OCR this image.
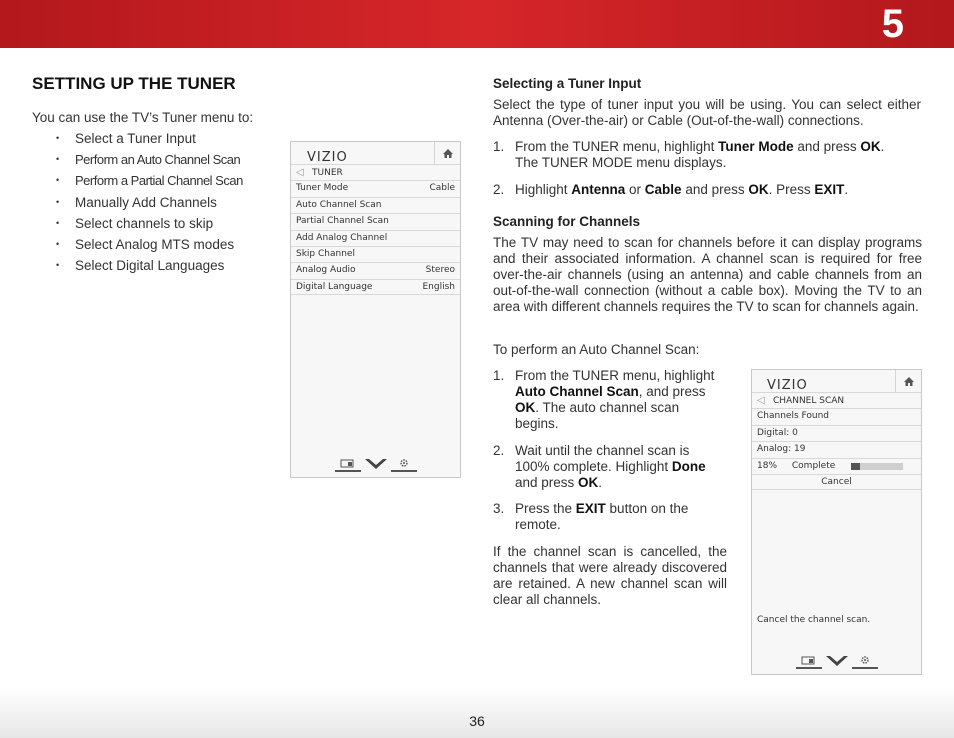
5
SETTING UP THE TUNER
You can use the TV’s Tuner menu to:
• Select a Tuner Input
• Perform an Auto Channel Scan
• Perform a Partial Channel Scan
• Manually Add Channels
• Select channels to skip
• Select Analog MTS modes
• Select Digital Languages
VIZIO
◁ TUNER
Tuner Mode	Cable
Auto Channel Scan
Partial Channel Scan
Add Analog Channel
Skip Channel
Analog Audio	Stereo
Digital Language	English
Selecting a Tuner Input
Select the type of tuner input you will be using. You can select either Antenna (Over-the-air) or Cable (Out-of-the-wall) connections.
1. From the TUNER menu, highlight Tuner Mode and press OK.
The TUNER MODE menu displays.
2. Highlight Antenna or Cable and press OK. Press EXIT.
Scanning for Channels
The TV may need to scan for channels before it can display programs and their associated information. A channel scan is required for free over-the-air channels (using an antenna) and cable channels from an out-of-the-wall connection (without a cable box). Moving the TV to an area with different channels requires the TV to scan for channels again.
To perform an Auto Channel Scan:
1. From the TUNER menu, highlight
Auto Channel Scan, and press
OK. The auto channel scan
begins.
2. Wait until the channel scan is
100% complete. Highlight Done
and press OK.
3. Press the EXIT button on the
remote.
If the channel scan is cancelled, the channels that were already discovered are retained. A new channel scan will clear all channels.
VIZIO
◁ CHANNEL SCAN
Channels Found
Digital: 0
Analog: 19
18% Complete
Cancel
Cancel the channel scan.
36
